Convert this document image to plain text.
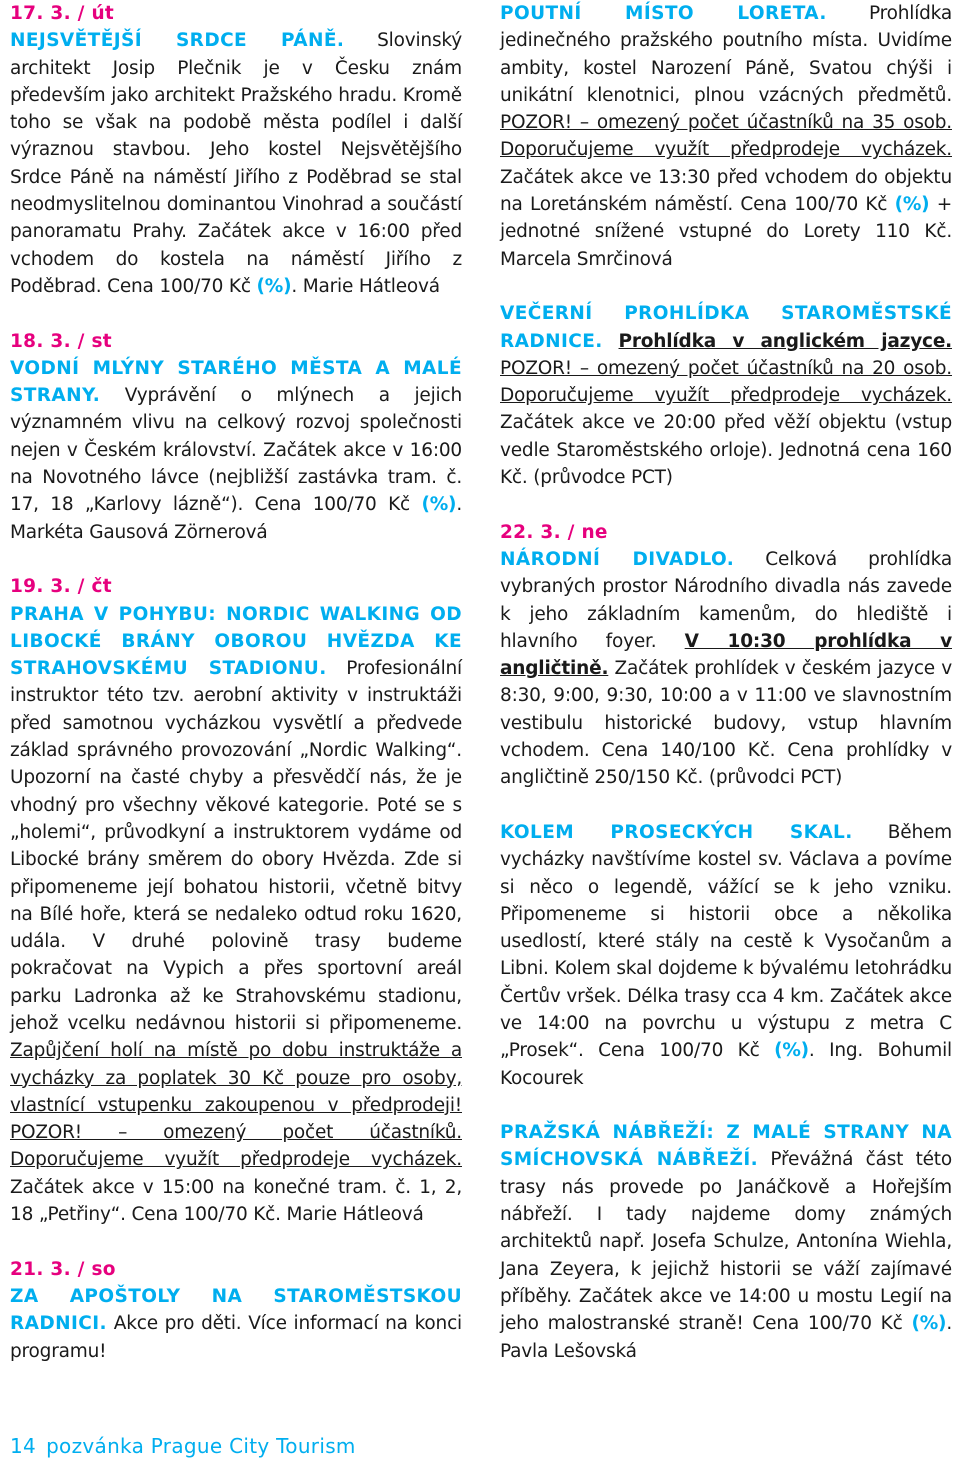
17. 3. / út

NEJSVĚTĚJŠÍ SRDCE PÁNĚ. Slovinský architekt Josip Plečnik je v Česku znám především jako architekt Pražského hradu. Kromě toho se však na podobě města podílel i další výraznou stavbou. Jeho kostel Nejsvětějšího Srdce Páně na náměstí Jiřího z Poděbrad se stal neodmyslitelnou dominantou Vinohrad a součástí panoramatu Prahy. Začátek akce v 16:00 před vchodem do kostela na náměstí Jiřího z Poděbrad. Cena 100/70 Kč (%). Marie Hátleová

18. 3. / st

VODNÍ MLÝNY STARÉHO MĚSTA A MALÉ STRANY. Vyprávění o mlýnech a jejich významném vlivu na celkový rozvoj společnosti nejen v Českém království. Začátek akce v 16:00 na Novotného lávce (nejbližší zastávka tram. č. 17, 18 „Karlovy lázně“). Cena 100/70 Kč (%). Markéta Gausová Zörnerová

19. 3. / čt

PRAHA V POHYBU: NORDIC WALKING OD LIBOCKÉ BRÁNY OBOROU HVĚZDA KE STRAHOVSKÉMU STADIONU. Profesionální instruktor této tzv. aerobní aktivity v instruktáži před samotnou vycházkou vysvětlí a předvede základ správného provozování „Nordic Walking“. Upozorní na časté chyby a přesvědčí nás, že je vhodný pro všechny věkové kategorie. Poté se s „holemi“, průvodkyní a instruktorem vydáme od Libocké brány směrem do obory Hvězda. Zde si připomeneme její bohatou historii, včetně bitvy na Bílé hoře, která se nedaleko odtud roku 1620, udála. V druhé polovině trasy budeme pokračovat na Vypich a přes sportovní areál parku Ladronka až ke Strahovskému stadionu, jehož vcelku nedávnou historii si připomeneme. Zapůjčení holí na místě po dobu instruktáže a vycházky za poplatek 30 Kč pouze pro osoby, vlastnící vstupenku zakoupenou v předprodeji! POZOR! – omezený počet účastníků. Doporučujeme využít předprodeje vycházek. Začátek akce v 15:00 na konečné tram. č. 1, 2, 18 „Petřiny“. Cena 100/70 Kč. Marie Hátleová

21. 3. / so

ZA APOŠTOLY NA STAROMĚSTSKOU RADNICI. Akce pro děti. Více informací na konci programu!

POUTNÍ MÍSTO LORETA. Prohlídka jedinečného pražského poutního místa. Uvidíme ambity, kostel Narození Páně, Svatou chýši i unikátní klenotnici, plnou vzácných předmětů. POZOR! – omezený počet účastníků na 35 osob. Doporučujeme využít předprodeje vycházek. Začátek akce ve 13:30 před vchodem do objektu na Loretánském náměstí. Cena 100/70 Kč (%) + jednotné snížené vstupné do Lorety 110 Kč. Marcela Smrčinová

VEČERNÍ PROHLÍDKA STAROMĚSTSKÉ RADNICE. Prohlídka v anglickém jazyce. POZOR! – omezený počet účastníků na 20 osob. Doporučujeme využít předprodeje vycházek. Začátek akce ve 20:00 před věží objektu (vstup vedle Staroměstského orloje). Jednotná cena 160 Kč. (průvodce PCT)

22. 3. / ne

NÁRODNÍ DIVADLO. Celková prohlídka vybraných prostor Národního divadla nás zavede k jeho základním kamenům, do hlediště i hlavního foyer. V 10:30 prohlídka v angličtině. Začátek prohlídek v českém jazyce v 8:30, 9:00, 9:30, 10:00 a v 11:00 ve slavnostním vestibulu historické budovy, vstup hlavním vchodem. Cena 140/100 Kč. Cena prohlídky v angličtině 250/150 Kč. (průvodci PCT)

KOLEM PROSECKÝCH SKAL. Během vycházky navštívíme kostel sv. Václava a povíme si něco o legendě, vážící se k jeho vzniku. Připomeneme si historii obce a několika usedlostí, které stály na cestě k Vysočanům a Libni. Kolem skal dojdeme k bývalému letohrádku Čertův vršek. Délka trasy cca 4 km. Začátek akce ve 14:00 na povrchu u výstupu z metra C „Prosek“. Cena 100/70 Kč (%). Ing. Bohumil Kocourek

PRAŽSKÁ NÁBŘEŽÍ: Z MALÉ STRANY NA SMÍCHOVSKÁ NÁBŘEŽÍ. Převážná část této trasy nás provede po Janáčkově a Hořejším nábřeží. I tady najdeme domy známých architektů např. Josefa Schulze, Antonína Wiehla, Jana Zeyera, k jejichž historii se váží zajímavé příběhy. Začátek akce ve 14:00 u mostu Legií na jeho malostranské straně! Cena 100/70 Kč (%). Pavla Lešovská

14 pozvánka Prague City Tourism
